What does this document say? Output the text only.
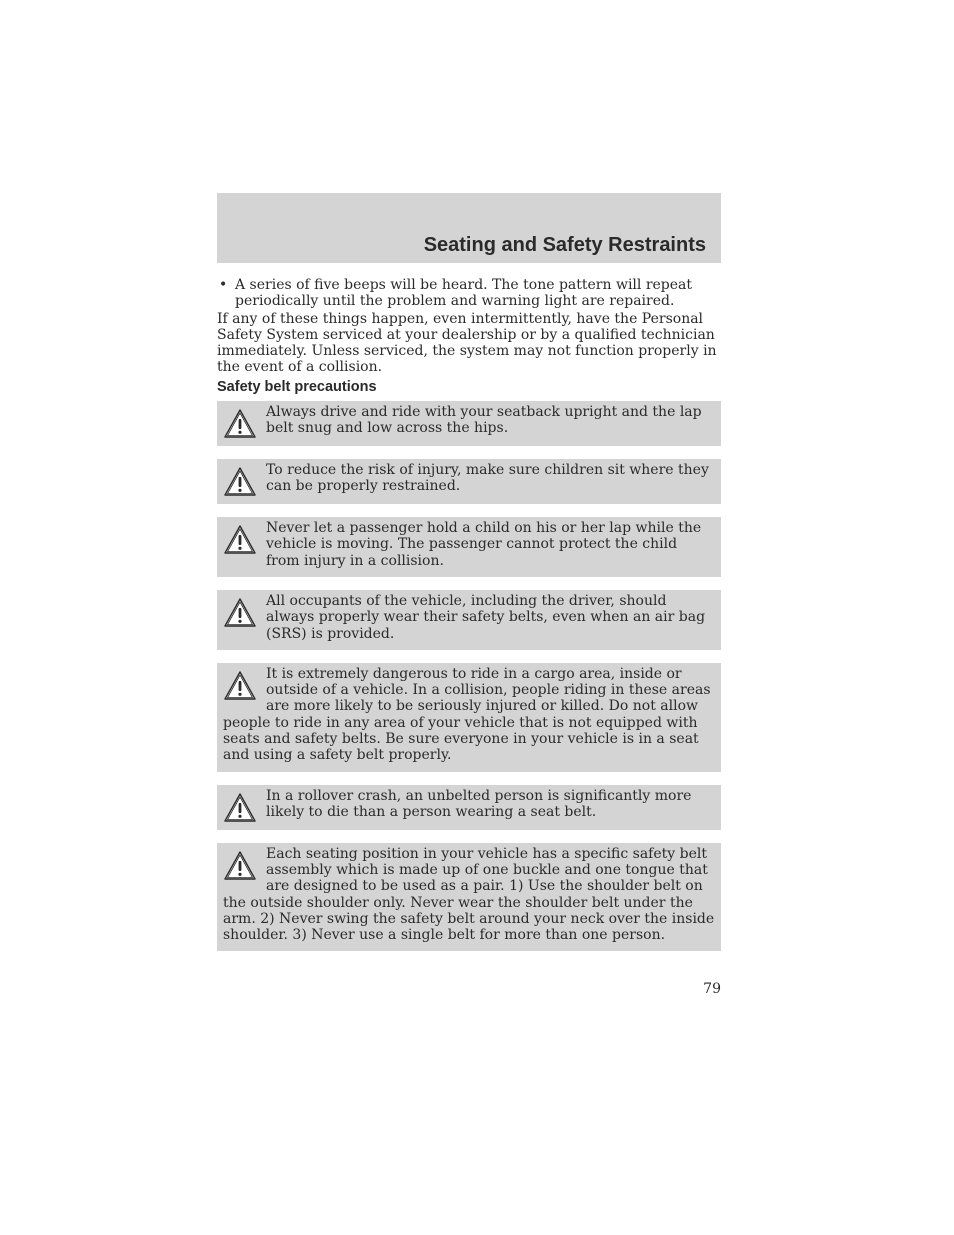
Seating and Safety Restraints
• A series of five beeps will be heard. The tone pattern will repeat periodically until the problem and warning light are repaired.

If any of these things happen, even intermittently, have the Personal Safety System serviced at your dealership or by a qualified technician immediately. Unless serviced, the system may not function properly in the event of a collision.

Safety belt precautions
Always drive and ride with your seatback upright and the lap belt snug and low across the hips.
To reduce the risk of injury, make sure children sit where they can be properly restrained.
Never let a passenger hold a child on his or her lap while the vehicle is moving. The passenger cannot protect the child from injury in a collision.
All occupants of the vehicle, including the driver, should always properly wear their safety belts, even when an air bag (SRS) is provided.
It is extremely dangerous to ride in a cargo area, inside or outside of a vehicle. In a collision, people riding in these areas are more likely to be seriously injured or killed. Do not allow people to ride in any area of your vehicle that is not equipped with seats and safety belts. Be sure everyone in your vehicle is in a seat and using a safety belt properly.
In a rollover crash, an unbelted person is significantly more likely to die than a person wearing a seat belt.
Each seating position in your vehicle has a specific safety belt assembly which is made up of one buckle and one tongue that are designed to be used as a pair. 1) Use the shoulder belt on the outside shoulder only. Never wear the shoulder belt under the arm. 2) Never swing the safety belt around your neck over the inside shoulder. 3) Never use a single belt for more than one person.
79
